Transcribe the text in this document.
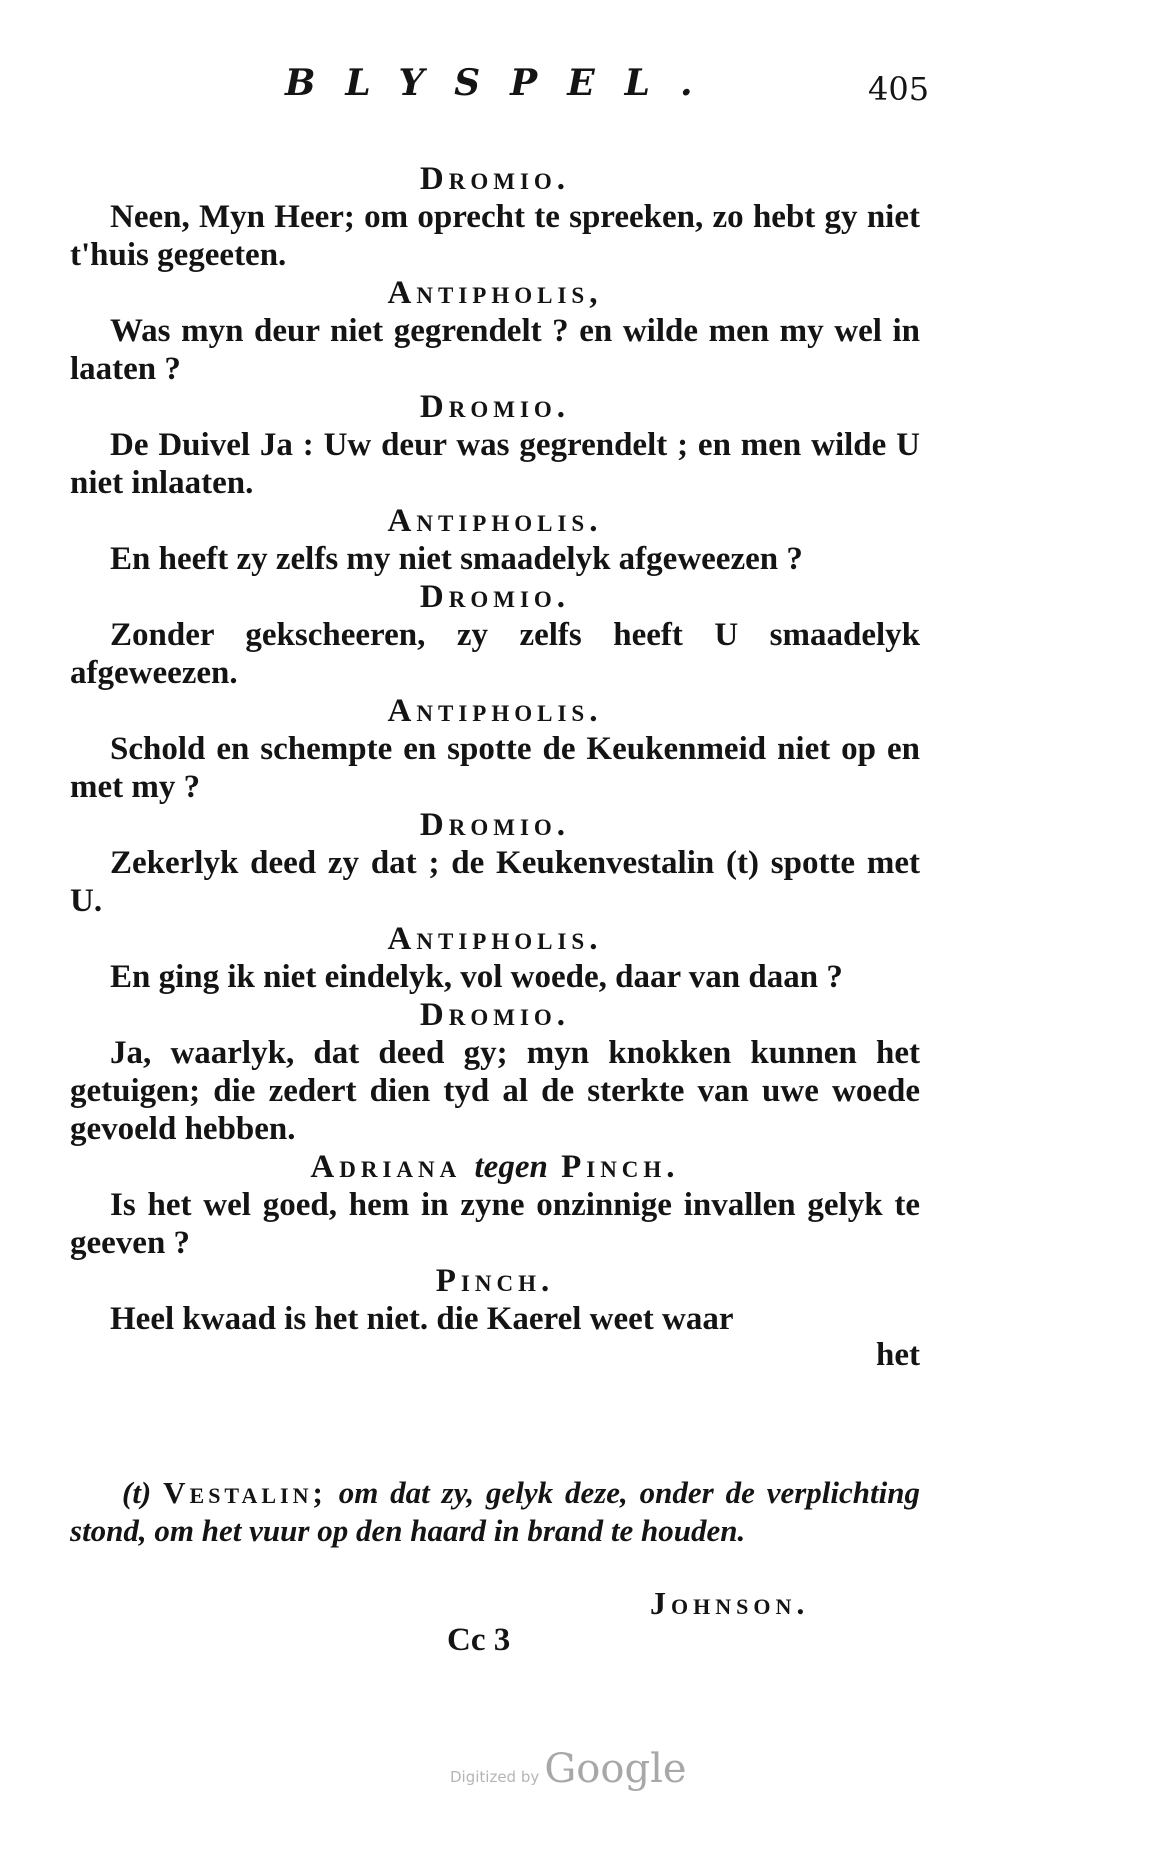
BLYSPEL.	405
Dromio.
Neen, Myn Heer; om oprecht te spreeken, zo hebt gy niet t'huis gegeeten.
Antipholis,
Was myn deur niet gegrendelt ? en wilde men my wel in laaten ?
Dromio.
De Duivel Ja : Uw deur was gegrendelt ; en men wilde U niet inlaaten.
Antipholis.
En heeft zy zelfs my niet smaadelyk afgeweezen ?
Dromio.
Zonder gekscheeren, zy zelfs heeft U smaadelyk afgeweezen.
Antipholis.
Schold en schempte en spotte de Keukenmeid niet op en met my ?
Dromio.
Zekerlyk deed zy dat ; de Keukenvestalin (t) spotte met U.
Antipholis.
En ging ik niet eindelyk, vol woede, daar van daan ?
Dromio.
Ja, waarlyk, dat deed gy; myn knokken kunnen het getuigen; die zedert dien tyd al de sterkte van uwe woede gevoeld hebben.
Adriana tegen Pinch.
Is het wel goed, hem in zyne onzinnige invallen gelyk te geeven ?
Pinch.
Heel kwaad is het niet. die Kaerel weet waar
het
(t) Vestalin; om dat zy, gelyk deze, onder de verplichting stond, om het vuur op den haard in brand te houden.
Johnson.
Cc 3
Digitized by Google
